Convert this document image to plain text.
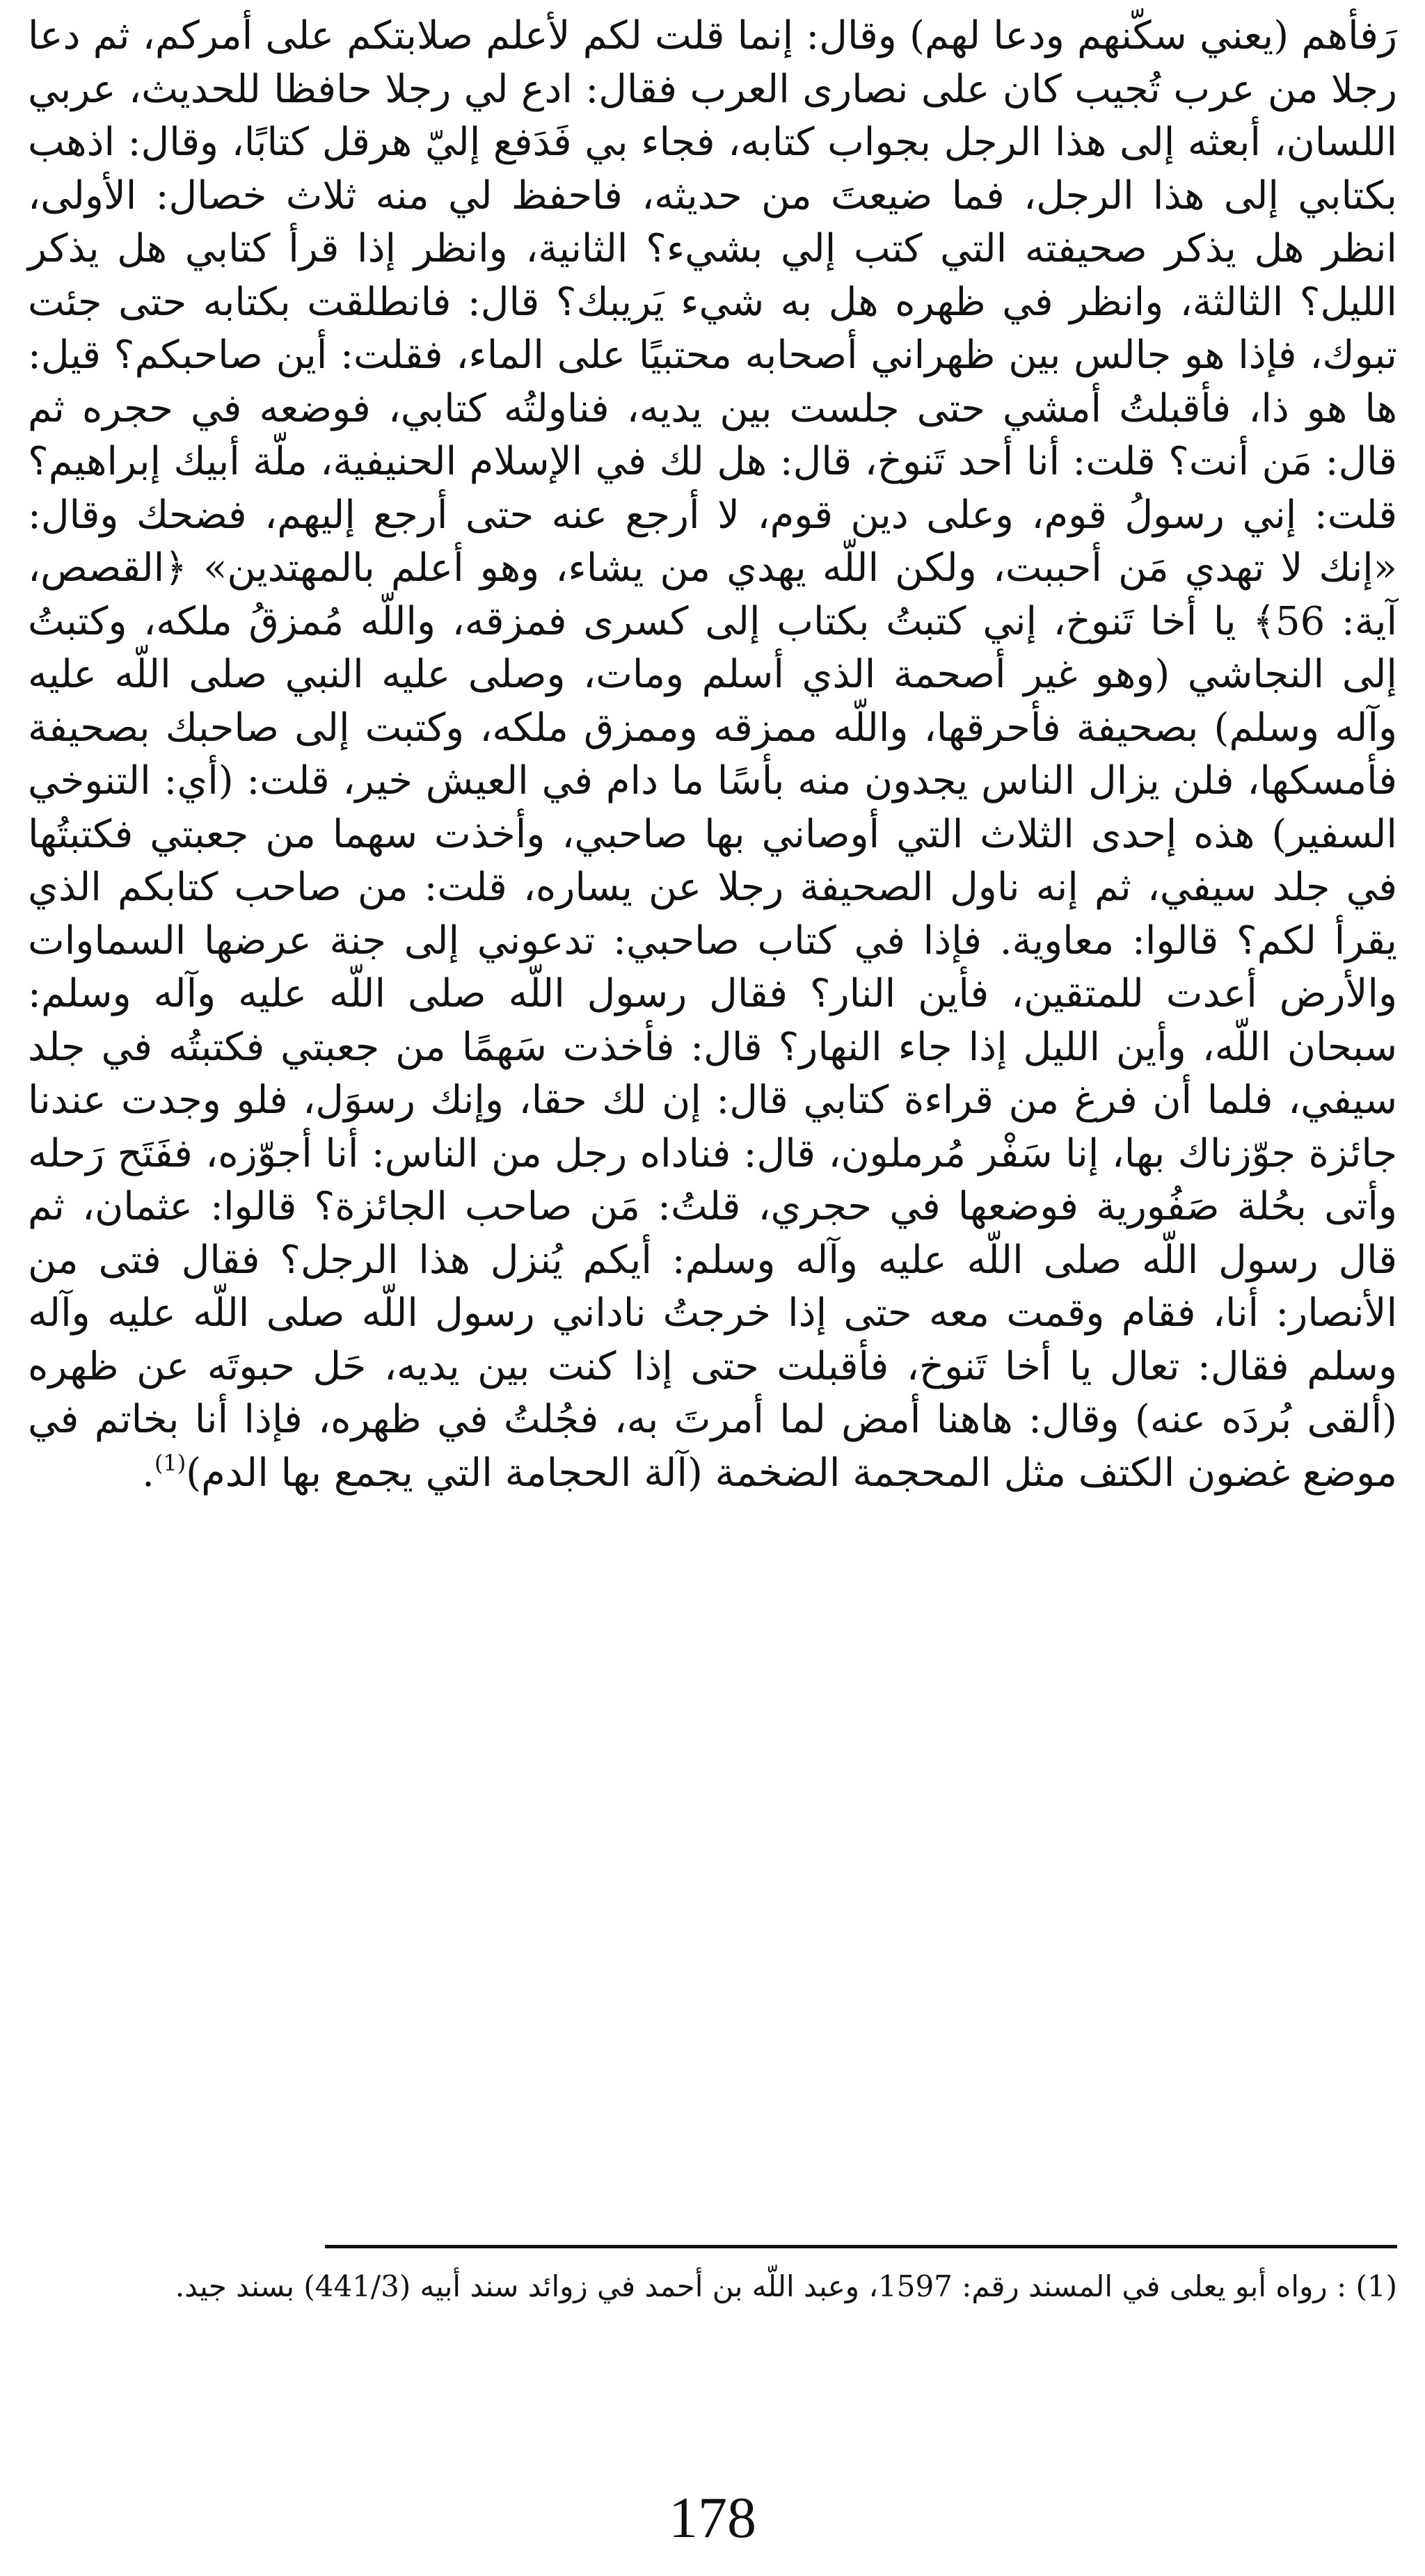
رَفأهم (يعني سكّنهم ودعا لهم) وقال: إنما قلت لكم لأعلم صلابتكم على أمركم، ثم دعا رجلا من عرب تُجيب كان على نصارى العرب فقال: ادع لي رجلا حافظا للحديث، عربي اللسان، أبعثه إلى هذا الرجل بجواب كتابه، فجاء بي فَدَفع إليّ هرقل كتابًا، وقال: اذهب بكتابي إلى هذا الرجل، فما ضيعتَ من حديثه، فاحفظ لي منه ثلاث خصال: الأولى، انظر هل يذكر صحيفته التي كتب إلي بشيء؟ الثانية، وانظر إذا قرأ كتابي هل يذكر الليل؟ الثالثة، وانظر في ظهره هل به شيء يَريبك؟ قال: فانطلقت بكتابه حتى جئت تبوك، فإذا هو جالس بين ظهراني أصحابه محتبيًا على الماء، فقلت: أين صاحبكم؟ قيل: ها هو ذا، فأقبلتُ أمشي حتى جلست بين يديه، فناولتُه كتابي، فوضعه في حجره ثم قال: مَن أنت؟ قلت: أنا أحد تَنوخ، قال: هل لك في الإسلام الحنيفية، ملّة أبيك إبراهيم؟ قلت: إني رسولُ قوم، وعلى دين قوم، لا أرجع عنه حتى أرجع إليهم، فضحك وقال: «إنك لا تهدي مَن أحببت، ولكن اللّه يهدي من يشاء، وهو أعلم بالمهتدين» ﴿القصص، آية: 56﴾ يا أخا تَنوخ، إني كتبتُ بكتاب إلى كسرى فمزقه، واللّه مُمزقُ ملكه، وكتبتُ إلى النجاشي (وهو غير أصحمة الذي أسلم ومات، وصلى عليه النبي صلى اللّه عليه وآله وسلم) بصحيفة فأحرقها، واللّه ممزقه وممزق ملكه، وكتبت إلى صاحبك بصحيفة فأمسكها، فلن يزال الناس يجدون منه بأسًا ما دام في العيش خير، قلت: (أي: التنوخي السفير) هذه إحدى الثلاث التي أوصاني بها صاحبي، وأخذت سهما من جعبتي فكتبتُها في جلد سيفي، ثم إنه ناول الصحيفة رجلا عن يساره، قلت: من صاحب كتابكم الذي يقرأ لكم؟ قالوا: معاوية. فإذا في كتاب صاحبي: تدعوني إلى جنة عرضها السماوات والأرض أعدت للمتقين، فأين النار؟ فقال رسول اللّه صلى اللّه عليه وآله وسلم: سبحان اللّه، وأين الليل إذا جاء النهار؟ قال: فأخذت سَهمًا من جعبتي فكتبتُه في جلد سيفي، فلما أن فرغ من قراءة كتابي قال: إن لك حقا، وإنك رسوَل، فلو وجدت عندنا جائزة جوّزناك بها، إنا سَفْر مُرملون، قال: فناداه رجل من الناس: أنا أجوّزه، ففَتَح رَحله وأتى بحُلة صَفُورية فوضعها في حجري، قلتُ: مَن صاحب الجائزة؟ قالوا: عثمان، ثم قال رسول اللّه صلى اللّه عليه وآله وسلم: أيكم يُنزل هذا الرجل؟ فقال فتى من الأنصار: أنا، فقام وقمت معه حتى إذا خرجتُ ناداني رسول اللّه صلى اللّه عليه وآله وسلم فقال: تعال يا أخا تَنوخ، فأقبلت حتى إذا كنت بين يديه، حَل حبوتَه عن ظهره (ألقى بُردَه عنه) وقال: هاهنا أمض لما أمرتَ به، فجُلتُ في ظهره، فإذا أنا بخاتم في موضع غضون الكتف مثل المحجمة الضخمة (آلة الحجامة التي يجمع بها الدم)$^{(1)}$.

(1) : رواه أبو يعلى في المسند رقم: 1597، وعبد اللّه بن أحمد في زوائد سند أبيه (441/3) بسند جيد.

178
